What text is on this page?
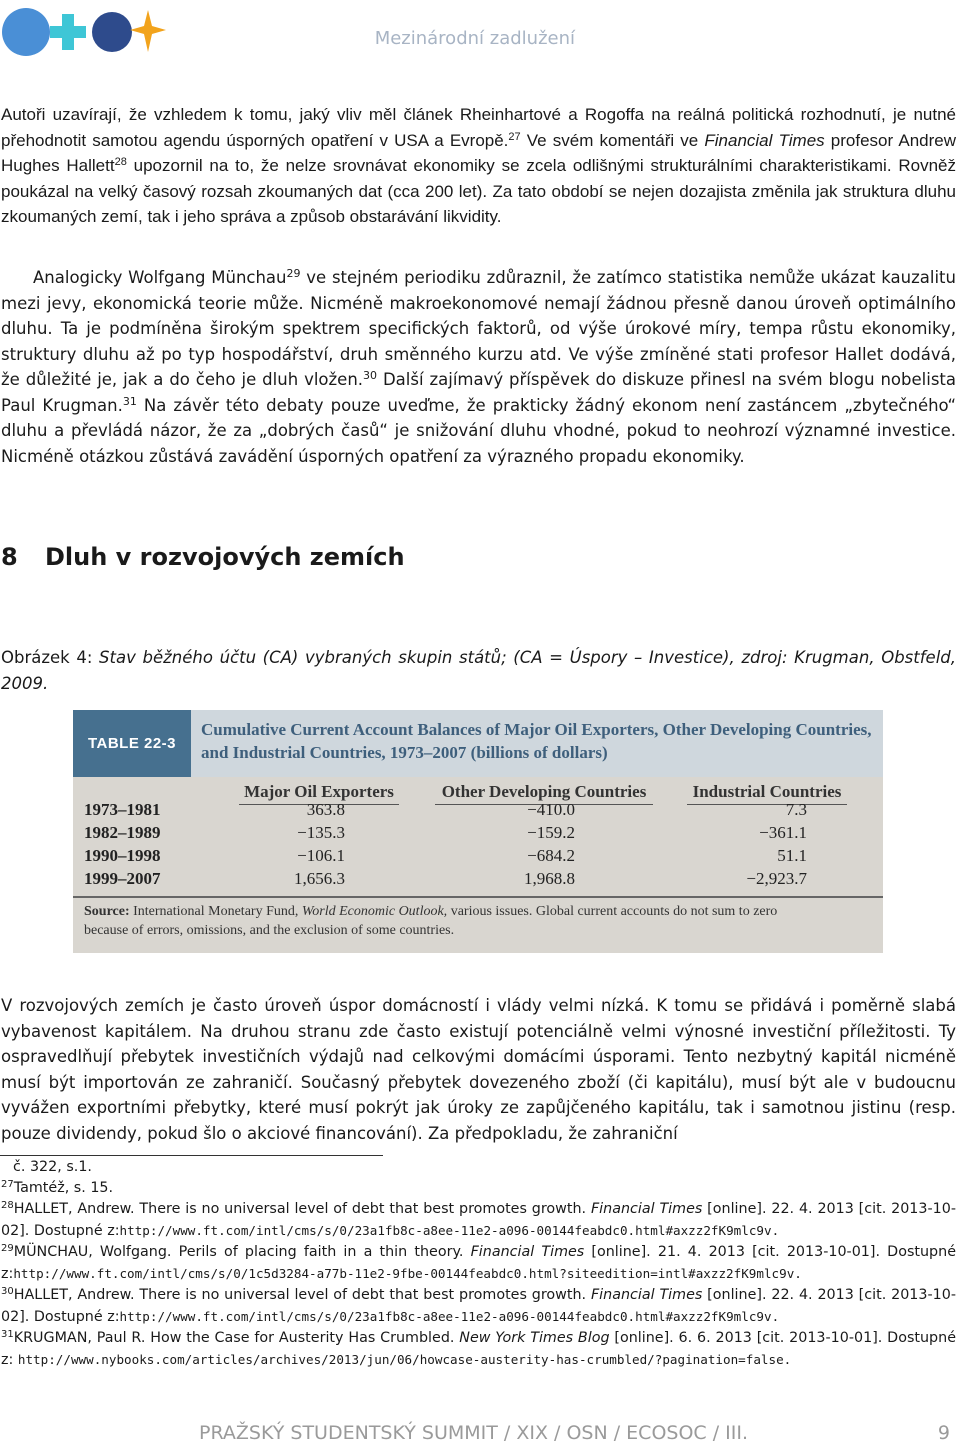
Mezinárodní zadlužení

Autoři uzavírají, že vzhledem k tomu, jaký vliv měl článek Rheinhartové a Rogoffa na reálná politická rozhodnutí, je nutné přehodnotit samotou agendu úsporných opatření v USA a Evropě.$^{27}$ Ve svém komentáři ve Financial Times profesor Andrew Hughes Hallett$^{28}$ upozornil na to, že nelze srovnávat ekonomiky se zcela odlišnými strukturálními charakteristikami. Rovněž poukázal na velký časový rozsah zkoumaných dat (cca 200 let). Za tato období se nejen dozajista změnila jak struktura dluhu zkoumaných zemí, tak i jeho správa a způsob obstarávání likvidity.

Analogicky Wolfgang Münchau$^{29}$ ve stejném periodiku zdůraznil, že zatímco statistika nemůže ukázat kauzalitu mezi jevy, ekonomická teorie může. Nicméně makroekonomové nemají žádnou přesně danou úroveň optimálního dluhu. Ta je podmíněna širokým spektrem specifických faktorů, od výše úrokové míry, tempa růstu ekonomiky, struktury dluhu až po typ hospodářství, druh směnného kurzu atd. Ve výše zmíněné stati profesor Hallet dodává, že důležité je, jak a do čeho je dluh vložen.$^{30}$ Další zajímavý příspěvek do diskuze přinesl na svém blogu nobelista Paul Krugman.$^{31}$ Na závěr této debaty pouze uveďme, že prakticky žádný ekonom není zastáncem „zbytečného“ dluhu a převládá názor, že za „dobrých časů“ je snižování dluhu vhodné, pokud to neohrozí významné investice. Nicméně otázkou zůstává zavádění úsporných opatření za výrazného propadu ekonomiky.

8 Dluh v rozvojových zemích

Obrázek 4: Stav běžného účtu (CA) vybraných skupin států; (CA = Úspory – Investice), zdroj: Krugman, Obstfeld, 2009.

TABLE 22-3
Cumulative Current Account Balances of Major Oil Exporters, Other Developing Countries, and Industrial Countries, 1973–2007 (billions of dollars)
Major Oil Exporters	Other Developing Countries	Industrial Countries
1973–1981	363.8	−410.0	7.3
1982–1989	−135.3	−159.2	−361.1
1990–1998	−106.1	−684.2	51.1
1999–2007	1,656.3	1,968.8	−2,923.7
Source: International Monetary Fund, World Economic Outlook, various issues. Global current accounts do not sum to zero because of errors, omissions, and the exclusion of some countries.

V rozvojových zemích je často úroveň úspor domácností i vlády velmi nízká. K tomu se přidává i poměrně slabá vybavenost kapitálem. Na druhou stranu zde často existují potenciálně velmi výnosné investiční příležitosti. Ty ospravedlňují přebytek investičních výdajů nad celkovými domácími úsporami. Tento nezbytný kapitál nicméně musí být importován ze zahraničí. Současný přebytek dovezeného zboží (či kapitálu), musí být ale v budoucnu vyvážen exportními přebytky, které musí pokrýt jak úroky ze zapůjčeného kapitálu, tak i samotnou jistinu (resp. pouze dividendy, pokud šlo o akciové financování). Za předpokladu, že zahraniční

č. 322, s.1.

$^{27}$Tamtéž, s. 15.

$^{28}$HALLET, Andrew. There is no universal level of debt that best promotes growth. Financial Times [online]. 22. 4. 2013 [cit. 2013-10-02]. Dostupné z:http://www.ft.com/intl/cms/s/0/23a1fb8c-a8ee-11e2-a096-00144feabdc0.html#axzz2fK9mlc9v.

$^{29}$MÜNCHAU, Wolfgang. Perils of placing faith in a thin theory. Financial Times [online]. 21. 4. 2013 [cit. 2013-10-01]. Dostupné z:http://www.ft.com/intl/cms/s/0/1c5d3284-a77b-11e2-9fbe-00144feabdc0.html?siteedition=intl#axzz2fK9mlc9v.

$^{30}$HALLET, Andrew. There is no universal level of debt that best promotes growth. Financial Times [online]. 22. 4. 2013 [cit. 2013-10-02]. Dostupné z:http://www.ft.com/intl/cms/s/0/23a1fb8c-a8ee-11e2-a096-00144feabdc0.html#axzz2fK9mlc9v.

$^{31}$KRUGMAN, Paul R. How the Case for Austerity Has Crumbled. New York Times Blog [online]. 6. 6. 2013 [cit. 2013-10-01]. Dostupné z: http://www.nybooks.com/articles/archives/2013/jun/06/howcase-austerity-has-crumbled/?pagination=false.

PRAŽSKÝ STUDENTSKÝ SUMMIT / XIX / OSN / ECOSOC / III.	9
